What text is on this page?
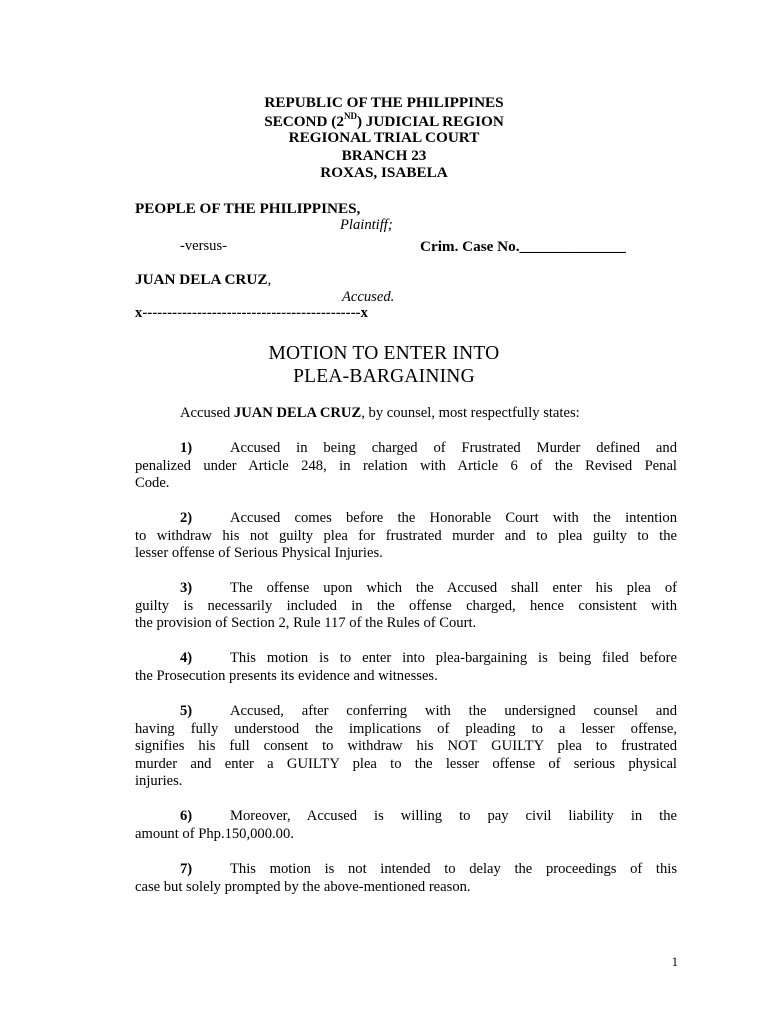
REPUBLIC OF THE PHILIPPINES
SECOND (2ND) JUDICIAL REGION
REGIONAL TRIAL COURT
BRANCH 23
ROXAS, ISABELA
PEOPLE OF THE PHILIPPINES,
Plaintiff;
-versus-	Crim. Case No.______________
JUAN DELA CRUZ,
Accused.
x--------------------------------------------x
MOTION TO ENTER INTO
PLEA-BARGAINING
Accused JUAN DELA CRUZ, by counsel, most respectfully states:
1)	Accused in being charged of Frustrated Murder defined and
penalized under Article 248, in relation with Article 6 of the Revised Penal
Code.
2)	Accused comes before the Honorable Court with the intention
to withdraw his not guilty plea for frustrated murder and to plea guilty to the
lesser offense of Serious Physical Injuries.
3)	The offense upon which the Accused shall enter his plea of
guilty is necessarily included in the offense charged, hence consistent with
the provision of Section 2, Rule 117 of the Rules of Court.
4)	This motion is to enter into plea-bargaining is being filed before
the Prosecution presents its evidence and witnesses.
5)	Accused, after conferring with the undersigned counsel and
having fully understood the implications of pleading to a lesser offense,
signifies his full consent to withdraw his NOT GUILTY plea to frustrated
murder and enter a GUILTY plea to the lesser offense of serious physical
injuries.
6)	Moreover, Accused is willing to pay civil liability in the
amount of Php.150,000.00.
7)	This motion is not intended to delay the proceedings of this
case but solely prompted by the above-mentioned reason.
1
